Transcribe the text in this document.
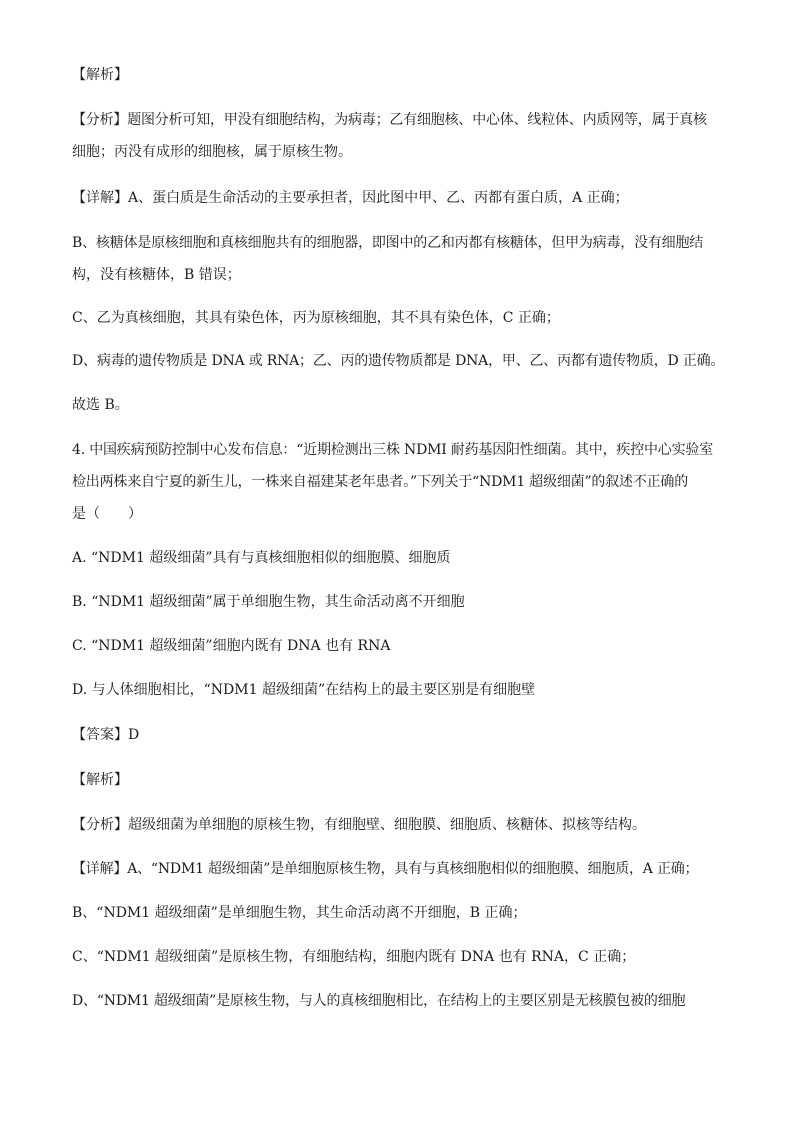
【解析】
【分析】题图分析可知，甲没有细胞结构，为病毒；乙有细胞核、中心体、线粒体、内质网等，属于真核
细胞；丙没有成形的细胞核，属于原核生物。
【详解】A、蛋白质是生命活动的主要承担者，因此图中甲、乙、丙都有蛋白质，A 正确；
B、核糖体是原核细胞和真核细胞共有的细胞器，即图中的乙和丙都有核糖体，但甲为病毒，没有细胞结
构，没有核糖体，B 错误；
C、乙为真核细胞，其具有染色体，丙为原核细胞，其不具有染色体，C 正确；
D、病毒的遗传物质是 DNA 或 RNA；乙、丙的遗传物质都是 DNA，甲、乙、丙都有遗传物质，D 正确。
故选 B。
4. 中国疾病预防控制中心发布信息：“近期检测出三株 NDMI 耐药基因阳性细菌。其中，疾控中心实验室
检出两株来自宁夏的新生儿，一株来自福建某老年患者。”下列关于“NDM1 超级细菌”的叙述不正确的
是（　　）
A. “NDM1 超级细菌”具有与真核细胞相似的细胞膜、细胞质
B. “NDM1 超级细菌”属于单细胞生物，其生命活动离不开细胞
C. “NDM1 超级细菌”细胞内既有 DNA 也有 RNA
D. 与人体细胞相比，“NDM1 超级细菌”在结构上的最主要区别是有细胞壁
【答案】D
【解析】
【分析】超级细菌为单细胞的原核生物，有细胞壁、细胞膜、细胞质、核糖体、拟核等结构。
【详解】A、“NDM1 超级细菌”是单细胞原核生物，具有与真核细胞相似的细胞膜、细胞质，A 正确；
B、“NDM1 超级细菌”是单细胞生物，其生命活动离不开细胞，B 正确；
C、“NDM1 超级细菌”是原核生物，有细胞结构，细胞内既有 DNA 也有 RNA，C 正确；
D、“NDM1 超级细菌”是原核生物，与人的真核细胞相比，在结构上的主要区别是无核膜包被的细胞
